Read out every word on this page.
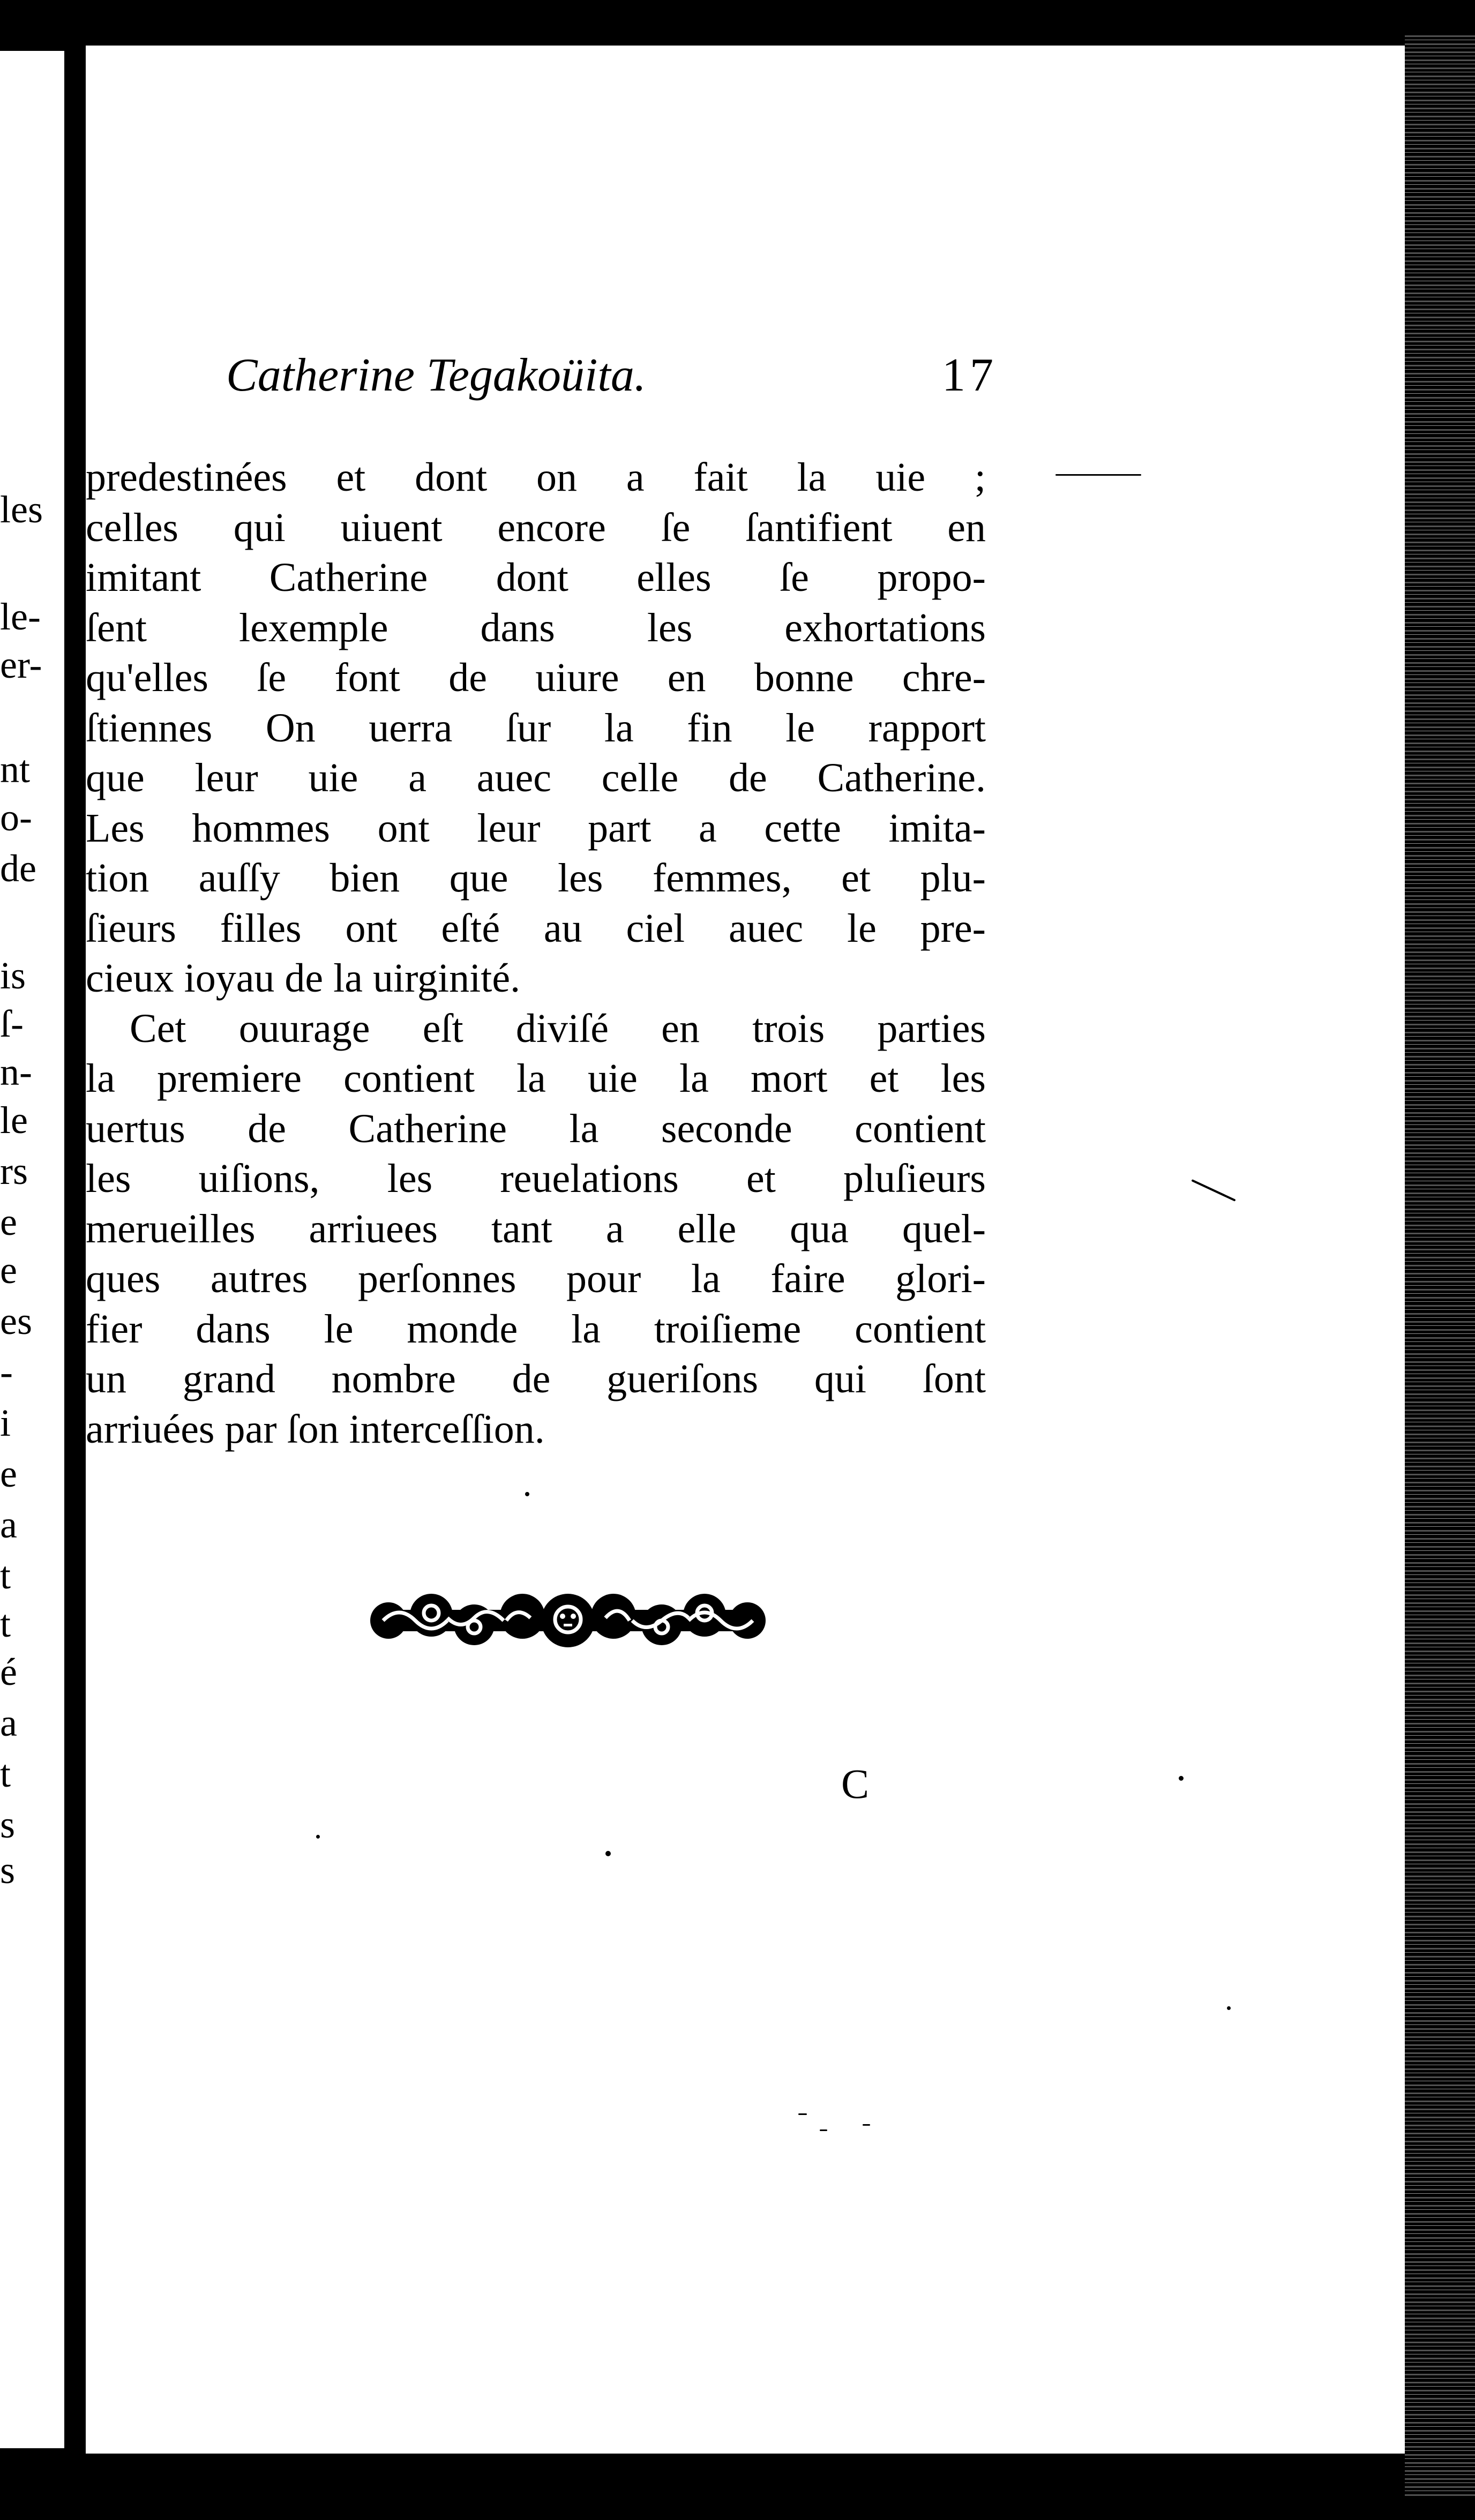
les
le-
er-
nt
o-
de
is
ſ-
n-
le
rs
e
e
es
-
i
e
a
t
t
é
a
t
s
s
Catherine Tegakoüita.	17
predestinées et dont on a fait la uie ;
celles qui uiuent encore ſe ſantifient en
imitant Catherine dont elles ſe propo-
ſent lexemple dans les exhortations
qu'elles ſe font de uiure en bonne chre-
ſtiennes On uerra ſur la fin le rapport
que leur uie a auec celle de Catherine.
Les hommes ont leur part a cette imita-
tion auſſy bien que les femmes, et plu-
ſieurs filles ont eſté au ciel auec le pre-
cieux ioyau de la uirginité.
Cet ouurage eſt diviſé en trois parties
la premiere contient la uie la mort et les
uertus de Catherine la seconde contient
les uiſions, les reuelations et pluſieurs
merueilles arriuees tant a elle qua quel-
ques autres perſonnes pour la faire glori-
fier dans le monde la troiſieme contient
un grand nombre de gueriſons qui ſont
arriuées par ſon interceſſion.
C
